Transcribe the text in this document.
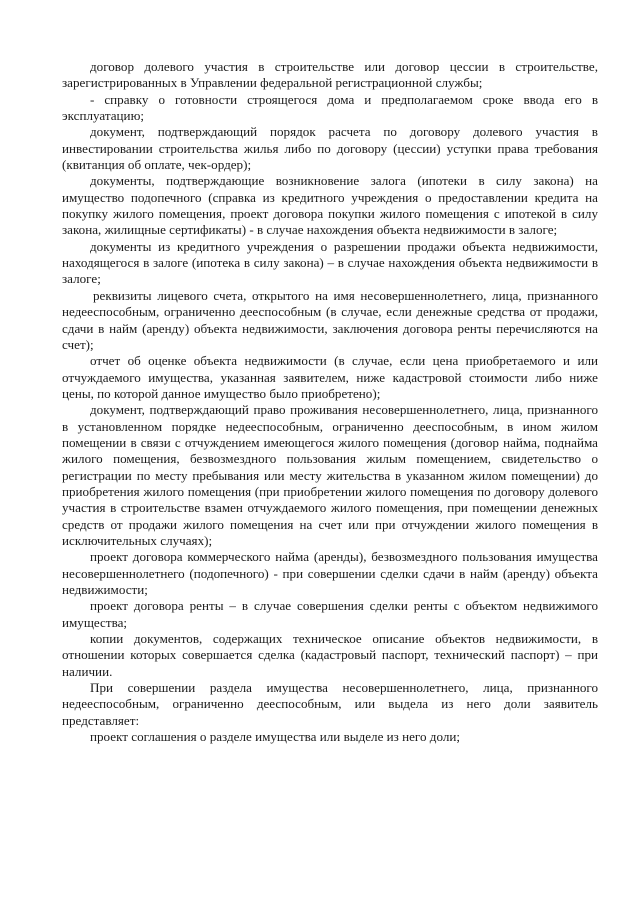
договор долевого участия в строительстве или договор цессии в строительстве, зарегистрированных в Управлении федеральной регистрационной службы;

- справку о готовности строящегося дома и предполагаемом сроке ввода его в эксплуатацию;

документ, подтверждающий порядок расчета по договору долевого участия в инвестировании строительства жилья либо по договору (цессии) уступки права требования (квитанция об оплате, чек-ордер);

документы, подтверждающие возникновение залога (ипотеки в силу закона) на имущество подопечного (справка из кредитного учреждения о предоставлении кредита на покупку жилого помещения, проект договора покупки жилого помещения с ипотекой в силу закона, жилищные сертификаты) - в случае нахождения объекта недвижимости в залоге;

документы из кредитного учреждения о разрешении продажи объекта недвижимости, находящегося в залоге (ипотека в силу закона) – в случае нахождения объекта недвижимости в залоге;

реквизиты лицевого счета, открытого на имя несовершеннолетнего, лица, признанного недееспособным, ограниченно дееспособным (в случае, если денежные средства от продажи, сдачи в найм (аренду) объекта недвижимости, заключения договора ренты перечисляются на счет);

отчет об оценке объекта недвижимости (в случае, если цена приобретаемого и или отчуждаемого имущества, указанная заявителем, ниже кадастровой стоимости либо ниже цены, по которой данное имущество было приобретено);

документ, подтверждающий право проживания несовершеннолетнего, лица, признанного в установленном порядке недееспособным, ограниченно дееспособным, в ином жилом помещении в связи с отчуждением имеющегося жилого помещения (договор найма, поднайма жилого помещения, безвозмездного пользования жилым помещением, свидетельство о регистрации по месту пребывания или месту жительства в указанном жилом помещении) до приобретения жилого помещения (при приобретении жилого помещения по договору долевого участия в строительстве взамен отчуждаемого жилого помещения, при помещении денежных средств от продажи жилого помещения на счет или при отчуждении жилого помещения в исключительных случаях);

проект договора коммерческого найма (аренды), безвозмездного пользования имущества несовершеннолетнего (подопечного) - при совершении сделки сдачи в найм (аренду) объекта недвижимости;

проект договора ренты – в случае совершения сделки ренты с объектом недвижимого имущества;

копии документов, содержащих техническое описание объектов недвижимости, в отношении которых совершается сделка (кадастровый паспорт, технический паспорт) – при наличии.

При совершении раздела имущества несовершеннолетнего, лица, признанного недееспособным, ограниченно дееспособным, или выдела из него доли заявитель представляет:

проект соглашения о разделе имущества или выделе из него доли;
